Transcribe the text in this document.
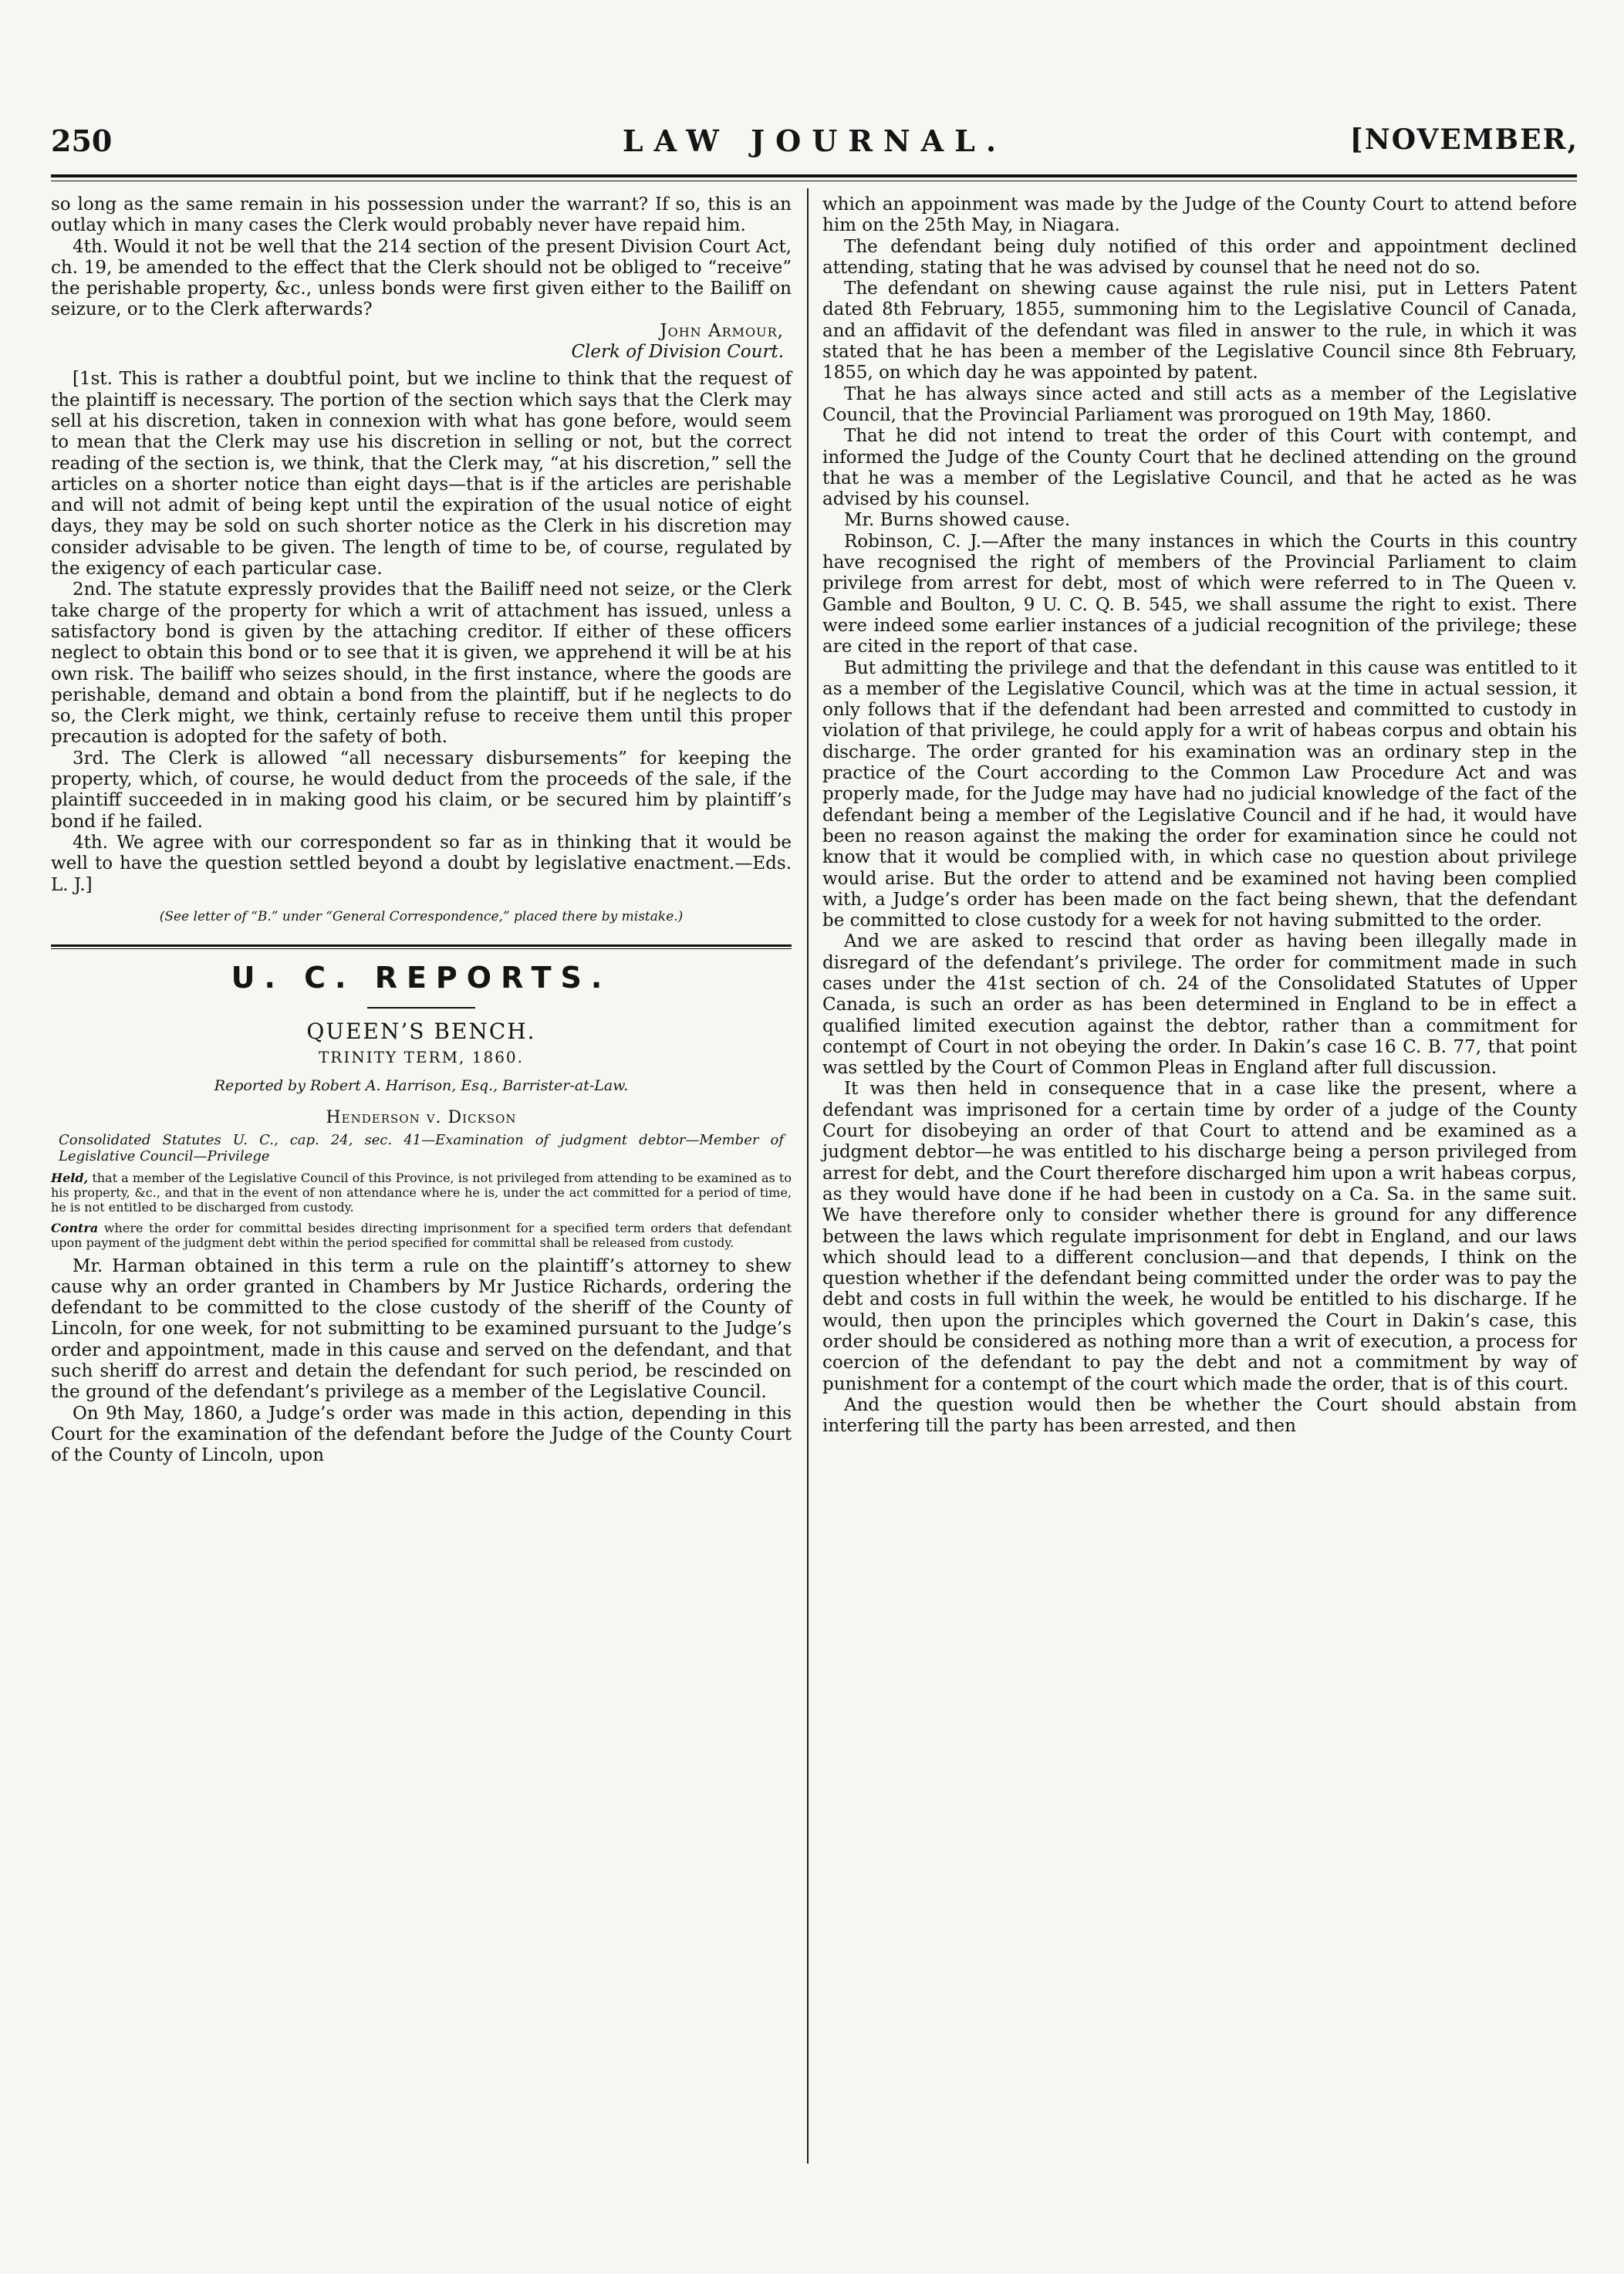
250	LAW JOURNAL.	[NOVEMBER,

so long as the same remain in his possession under the warrant? If so, this is an outlay which in many cases the Clerk would probably never have repaid him.

4th. Would it not be well that the 214 section of the present Division Court Act, ch. 19, be amended to the effect that the Clerk should not be obliged to “receive” the perishable property, &c., unless bonds were first given either to the Bailiff on seizure, or to the Clerk afterwards?

John Armour,

Clerk of Division Court.

[1st. This is rather a doubtful point, but we incline to think that the request of the plaintiff is necessary. The portion of the section which says that the Clerk may sell at his discretion, taken in connexion with what has gone before, would seem to mean that the Clerk may use his discretion in selling or not, but the correct reading of the section is, we think, that the Clerk may, “at his discretion,” sell the articles on a shorter notice than eight days—that is if the articles are perishable and will not admit of being kept until the expiration of the usual notice of eight days, they may be sold on such shorter notice as the Clerk in his discretion may consider advisable to be given. The length of time to be, of course, regulated by the exigency of each particular case.

2nd. The statute expressly provides that the Bailiff need not seize, or the Clerk take charge of the property for which a writ of attachment has issued, unless a satisfactory bond is given by the attaching creditor. If either of these officers neglect to obtain this bond or to see that it is given, we apprehend it will be at his own risk. The bailiff who seizes should, in the first instance, where the goods are perishable, demand and obtain a bond from the plaintiff, but if he neglects to do so, the Clerk might, we think, certainly refuse to receive them until this proper precaution is adopted for the safety of both.

3rd. The Clerk is allowed “all necessary disbursements” for keeping the property, which, of course, he would deduct from the proceeds of the sale, if the plaintiff succeeded in in making good his claim, or be secured him by plaintiff’s bond if he failed.

4th. We agree with our correspondent so far as in thinking that it would be well to have the question settled beyond a doubt by legislative enactment.—Eds. L. J.]

(See letter of “B.” under “General Correspondence,” placed there by mistake.)

U. C. REPORTS.

QUEEN’S BENCH.

TRINITY TERM, 1860.

Reported by Robert A. Harrison, Esq., Barrister-at-Law.

Henderson v. Dickson

Consolidated Statutes U. C., cap. 24, sec. 41—Examination of judgment debtor—Member of Legislative Council—Privilege

Held, that a member of the Legislative Council of this Province, is not privileged from attending to be examined as to his property, &c., and that in the event of non attendance where he is, under the act committed for a period of time, he is not entitled to be discharged from custody.

Contra where the order for committal besides directing imprisonment for a specified term orders that defendant upon payment of the judgment debt within the period specified for committal shall be released from custody.

Mr. Harman obtained in this term a rule on the plaintiff’s attorney to shew cause why an order granted in Chambers by Mr Justice Richards, ordering the defendant to be committed to the close custody of the sheriff of the County of Lincoln, for one week, for not submitting to be examined pursuant to the Judge’s order and appointment, made in this cause and served on the defendant, and that such sheriff do arrest and detain the defendant for such period, be rescinded on the ground of the defendant’s privilege as a member of the Legislative Council.

On 9th May, 1860, a Judge’s order was made in this action, depending in this Court for the examination of the defendant before the Judge of the County Court of the County of Lincoln, upon

which an appoinment was made by the Judge of the County Court to attend before him on the 25th May, in Niagara.

The defendant being duly notified of this order and appointment declined attending, stating that he was advised by counsel that he need not do so.

The defendant on shewing cause against the rule nisi, put in Letters Patent dated 8th February, 1855, summoning him to the Legislative Council of Canada, and an affidavit of the defendant was filed in answer to the rule, in which it was stated that he has been a member of the Legislative Council since 8th February, 1855, on which day he was appointed by patent.

That he has always since acted and still acts as a member of the Legislative Council, that the Provincial Parliament was prorogued on 19th May, 1860.

That he did not intend to treat the order of this Court with contempt, and informed the Judge of the County Court that he declined attending on the ground that he was a member of the Legislative Council, and that he acted as he was advised by his counsel.

Mr. Burns showed cause.

Robinson, C. J.—After the many instances in which the Courts in this country have recognised the right of members of the Provincial Parliament to claim privilege from arrest for debt, most of which were referred to in The Queen v. Gamble and Boulton, 9 U. C. Q. B. 545, we shall assume the right to exist. There were indeed some earlier instances of a judicial recognition of the privilege; these are cited in the report of that case.

But admitting the privilege and that the defendant in this cause was entitled to it as a member of the Legislative Council, which was at the time in actual session, it only follows that if the defendant had been arrested and committed to custody in violation of that privilege, he could apply for a writ of habeas corpus and obtain his discharge. The order granted for his examination was an ordinary step in the practice of the Court according to the Common Law Procedure Act and was properly made, for the Judge may have had no judicial knowledge of the fact of the defendant being a member of the Legislative Council and if he had, it would have been no reason against the making the order for examination since he could not know that it would be complied with, in which case no question about privilege would arise. But the order to attend and be examined not having been complied with, a Judge’s order has been made on the fact being shewn, that the defendant be committed to close custody for a week for not having submitted to the order.

And we are asked to rescind that order as having been illegally made in disregard of the defendant’s privilege. The order for commitment made in such cases under the 41st section of ch. 24 of the Consolidated Statutes of Upper Canada, is such an order as has been determined in England to be in effect a qualified limited execution against the debtor, rather than a commitment for contempt of Court in not obeying the order. In Dakin’s case 16 C. B. 77, that point was settled by the Court of Common Pleas in England after full discussion.

It was then held in consequence that in a case like the present, where a defendant was imprisoned for a certain time by order of a judge of the County Court for disobeying an order of that Court to attend and be examined as a judgment debtor—he was entitled to his discharge being a person privileged from arrest for debt, and the Court therefore discharged him upon a writ habeas corpus, as they would have done if he had been in custody on a Ca. Sa. in the same suit. We have therefore only to consider whether there is ground for any difference between the laws which regulate imprisonment for debt in England, and our laws which should lead to a different conclusion—and that depends, I think on the question whether if the defendant being committed under the order was to pay the debt and costs in full within the week, he would be entitled to his discharge. If he would, then upon the principles which governed the Court in Dakin’s case, this order should be considered as nothing more than a writ of execution, a process for coercion of the defendant to pay the debt and not a commitment by way of punishment for a contempt of the court which made the order, that is of this court.

And the question would then be whether the Court should abstain from interfering till the party has been arrested, and then
